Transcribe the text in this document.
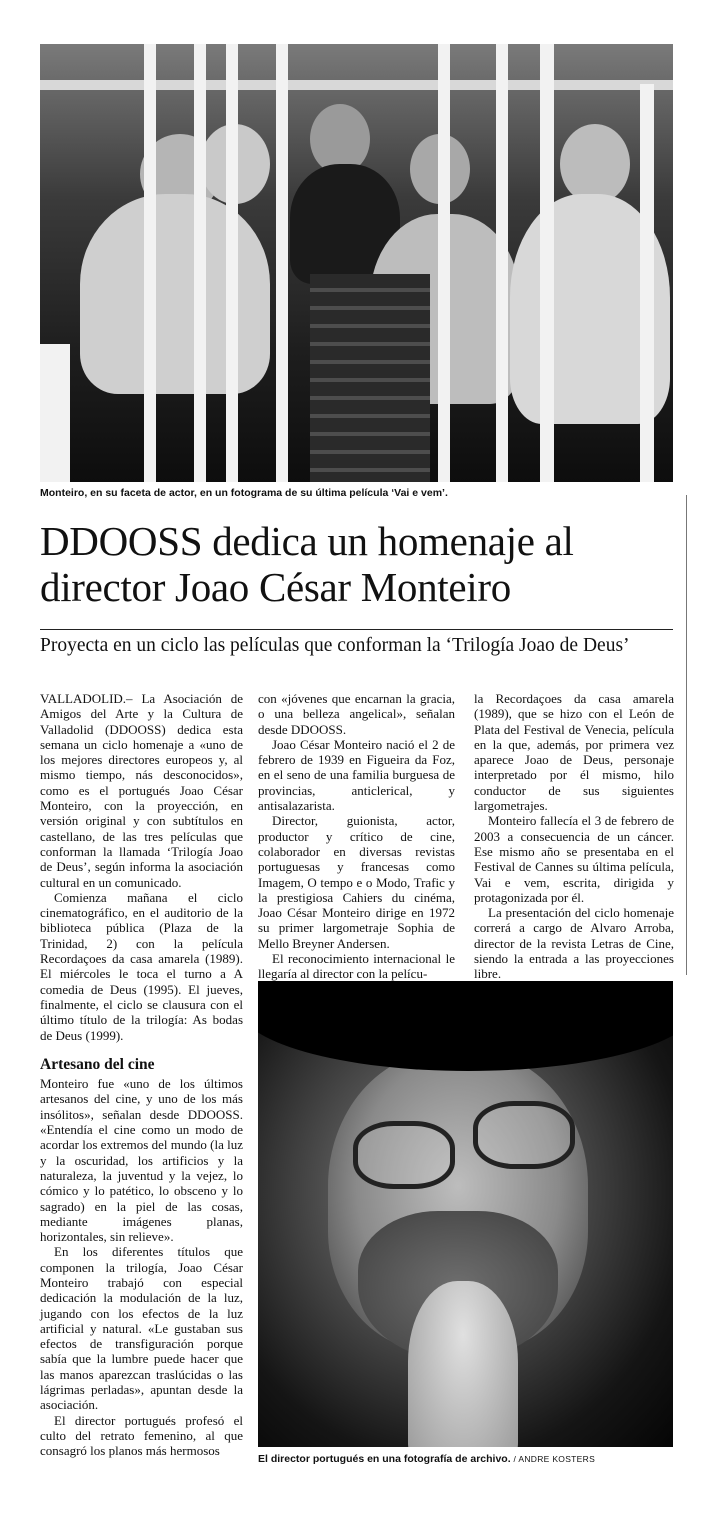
Monteiro, en su faceta de actor, en un fotograma de su última película ‘Vai e vem’.
DDOOSS dedica un homenaje al
director Joao César Monteiro
Proyecta en un ciclo las películas que conforman la ‘Trilogía Joao de Deus’

VALLADOLID.– La Asociación de Amigos del Arte y la Cultura de Valladolid (DDOOSS) dedica esta semana un ciclo homenaje a «uno de los mejores directores europeos y, al mismo tiempo, nás desconocidos», como es el portugués Joao César Monteiro, con la proyección, en versión original y con subtítulos en castellano, de las tres películas que conforman la llamada ‘Trilogía Joao de Deus’, según informa la asociación cultural en un comunicado.

Comienza mañana el ciclo cinematográfico, en el auditorio de la biblioteca pública (Plaza de la Trinidad, 2) con la película Recordaçoes da casa amarela (1989). El miércoles le toca el turno a A comedia de Deus (1995). El jueves, finalmente, el ciclo se clausura con el último título de la trilogía: As bodas de Deus (1999).

Artesano del cine

Monteiro fue «uno de los últimos artesanos del cine, y uno de los más insólitos», señalan desde DDOOSS. «Entendía el cine como un modo de acordar los extremos del mundo (la luz y la oscuridad, los artificios y la naturaleza, la juventud y la vejez, lo cómico y lo patético, lo obsceno y lo sagrado) en la piel de las cosas, mediante imágenes planas, horizontales, sin relieve».

En los diferentes títulos que componen la trilogía, Joao César Monteiro trabajó con especial dedicación la modulación de la luz, jugando con los efectos de la luz artificial y natural. «Le gustaban sus efectos de transfiguración porque sabía que la lumbre puede hacer que las manos aparezcan traslúcidas o las lágrimas perladas», apuntan desde la asociación.

El director portugués profesó el culto del retrato femenino, al que consagró los planos más hermosos

con «jóvenes que encarnan la gracia, o una belleza angelical», señalan desde DDOOSS.

Joao César Monteiro nació el 2 de febrero de 1939 en Figueira da Foz, en el seno de una familia burguesa de provincias, anticlerical, y antisalazarista.

Director, guionista, actor, productor y crítico de cine, colaborador en diversas revistas portuguesas y francesas como Imagem, O tempo e o Modo, Trafic y la prestigiosa Cahiers du cinéma, Joao César Monteiro dirige en 1972 su primer largometraje Sophia de Mello Breyner Andersen.

El reconocimiento internacional le llegaría al director con la pelícu-

la Recordaçoes da casa amarela (1989), que se hizo con el León de Plata del Festival de Venecia, película en la que, además, por primera vez aparece Joao de Deus, personaje interpretado por él mismo, hilo conductor de sus siguientes largometrajes.

Monteiro fallecía el 3 de febrero de 2003 a consecuencia de un cáncer. Ese mismo año se presentaba en el Festival de Cannes su última película, Vai e vem, escrita, dirigida y protagonizada por él.

La presentación del ciclo homenaje correrá a cargo de Alvaro Arroba, director de la revista Letras de Cine, siendo la entrada a las proyecciones libre.

El director portugués en una fotografía de archivo. / ANDRE KOSTERS
